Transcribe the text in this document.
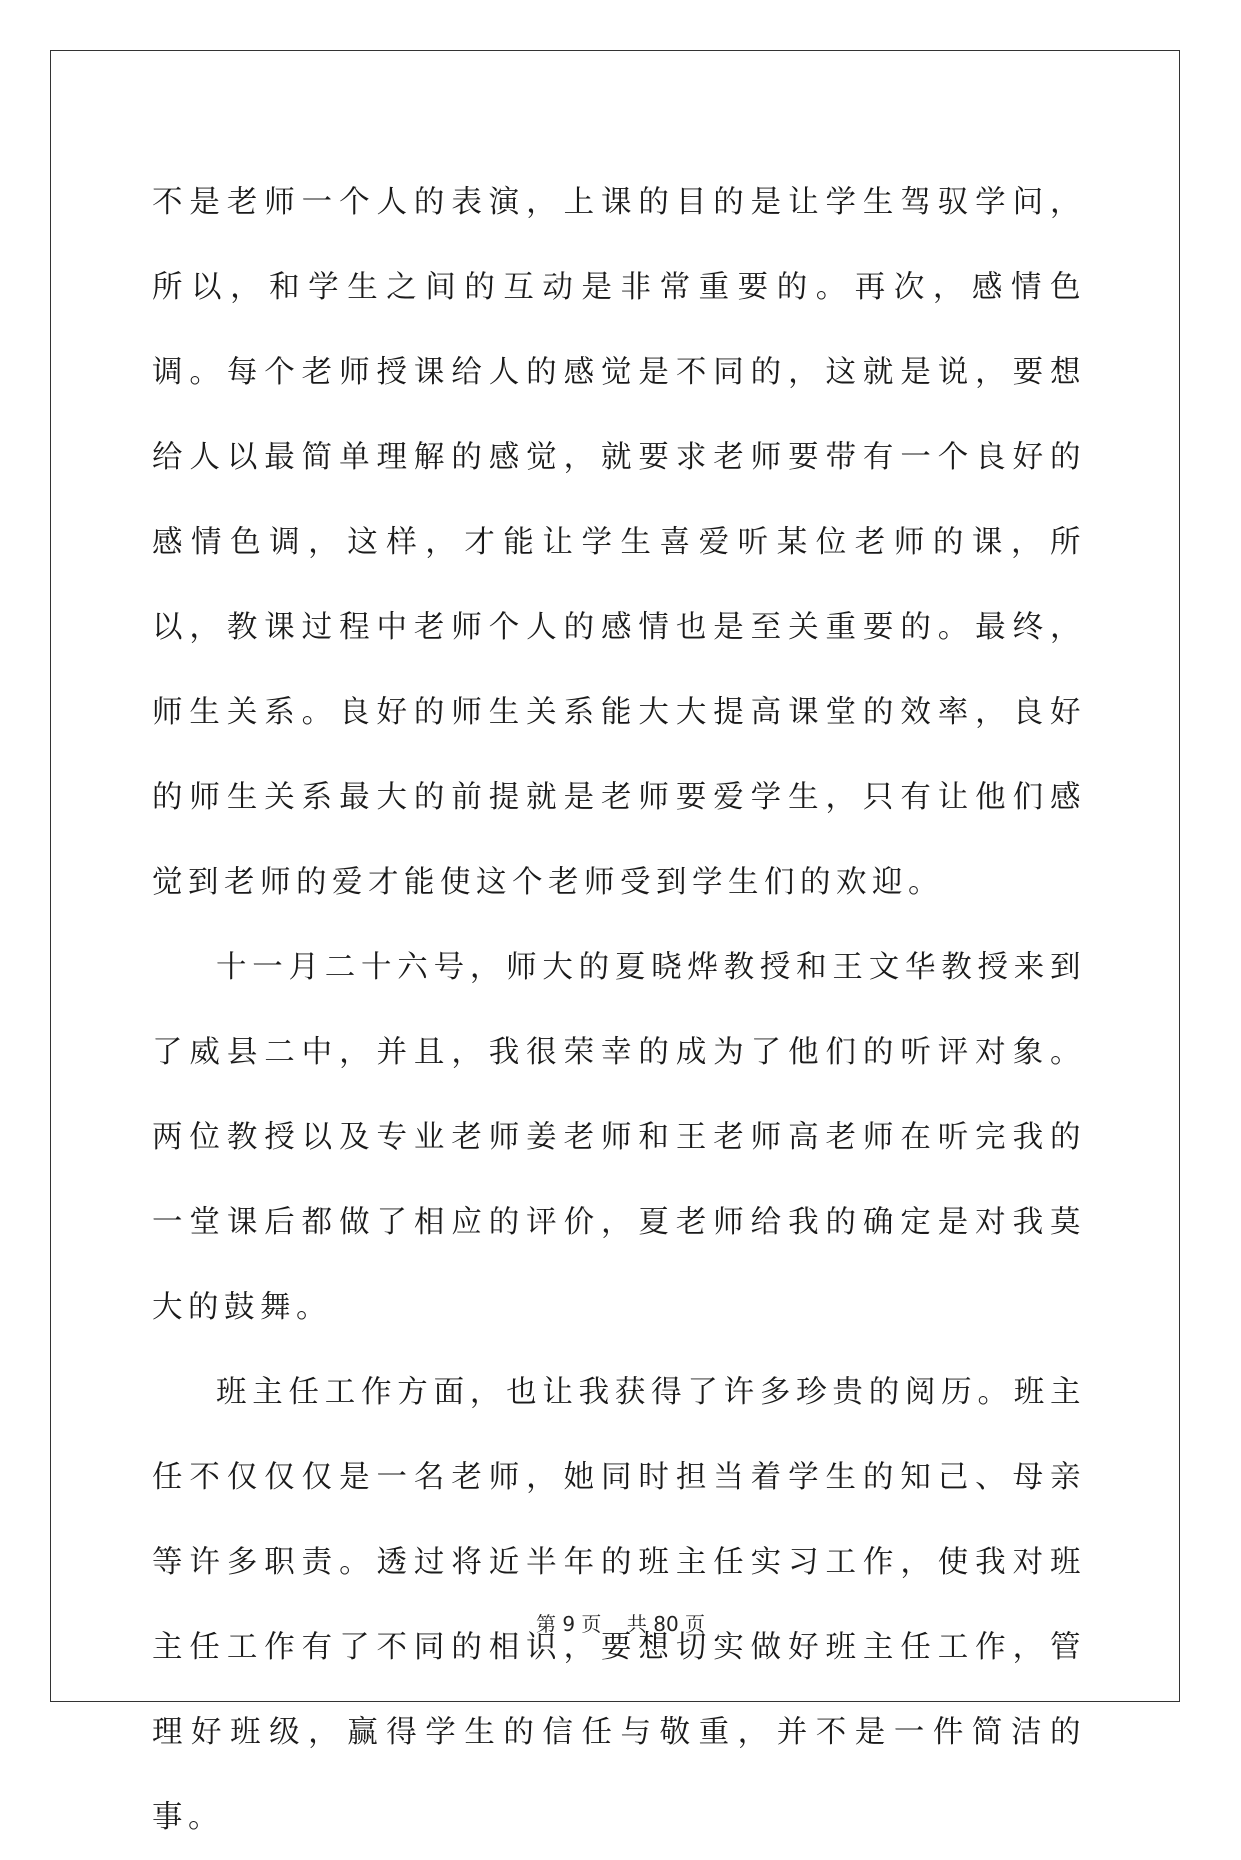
不是老师一个人的表演，上课的目的是让学生驾驭学问，所以，和学生之间的互动是非常重要的。再次，感情色调。每个老师授课给人的感觉是不同的，这就是说，要想给人以最简单理解的感觉，就要求老师要带有一个良好的感情色调，这样，才能让学生喜爱听某位老师的课，所以，教课过程中老师个人的感情也是至关重要的。最终，师生关系。良好的师生关系能大大提高课堂的效率，良好的师生关系最大的前提就是老师要爱学生，只有让他们感觉到老师的爱才能使这个老师受到学生们的欢迎。

十一月二十六号，师大的夏晓烨教授和王文华教授来到了威县二中，并且，我很荣幸的成为了他们的听评对象。两位教授以及专业老师姜老师和王老师高老师在听完我的一堂课后都做了相应的评价，夏老师给我的确定是对我莫大的鼓舞。

班主任工作方面，也让我获得了许多珍贵的阅历。班主任不仅仅仅是一名老师，她同时担当着学生的知己、母亲等许多职责。透过将近半年的班主任实习工作，使我对班主任工作有了不同的相识，要想切实做好班主任工作，管理好班级，赢得学生的信任与敬重，并不是一件简洁的事。

第 9 页 共 80 页
